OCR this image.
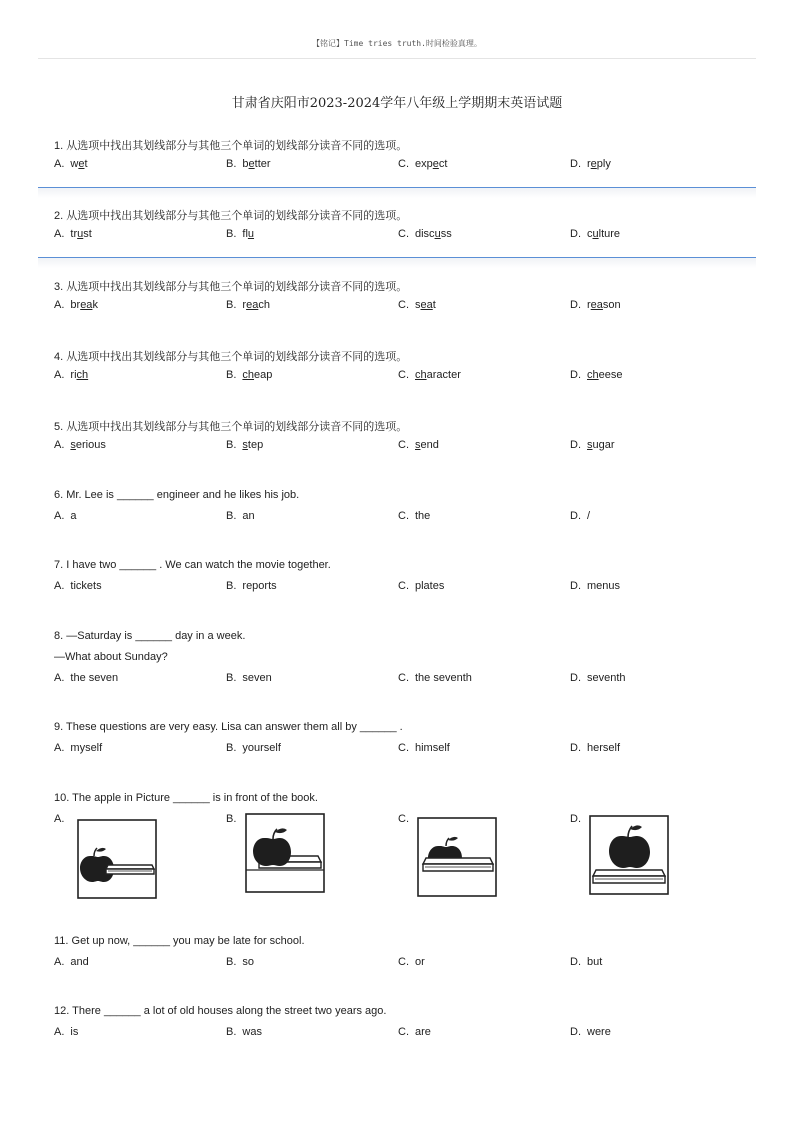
【铭记】Time tries truth.时间检验真理。
甘肃省庆阳市2023-2024学年八年级上学期期末英语试题
1. 从选项中找出其划线部分与其他三个单词的划线部分读音不同的选项。
A. wet	B. better	C. expect	D. reply
2. 从选项中找出其划线部分与其他三个单词的划线部分读音不同的选项。
A. trust	B. flu	C. discuss	D. culture
3. 从选项中找出其划线部分与其他三个单词的划线部分读音不同的选项。
A. break	B. reach	C. seat	D. reason
4. 从选项中找出其划线部分与其他三个单词的划线部分读音不同的选项。
A. rich	B. cheap	C. character	D. cheese
5. 从选项中找出其划线部分与其他三个单词的划线部分读音不同的选项。
A. serious	B. step	C. send	D. sugar
6. Mr. Lee is ______ engineer and he likes his job.
A. a	B. an	C. the	D. /
7. I have two ______ . We can watch the movie together.
A. tickets	B. reports	C. plates	D. menus
8. —Saturday is ______ day in a week.
—What about Sunday?
A. the seven	B. seven	C. the seventh	D. seventh
9. These questions are very easy. Lisa can answer them all by ______ .
A. myself	B. yourself	C. himself	D. herself
10. The apple in Picture ______ is in front of the book.
A.	B.	C.	D.
11. Get up now, ______ you may be late for school.
A. and	B. so	C. or	D. but
12. There ______ a lot of old houses along the street two years ago.
A. is	B. was	C. are	D. were
